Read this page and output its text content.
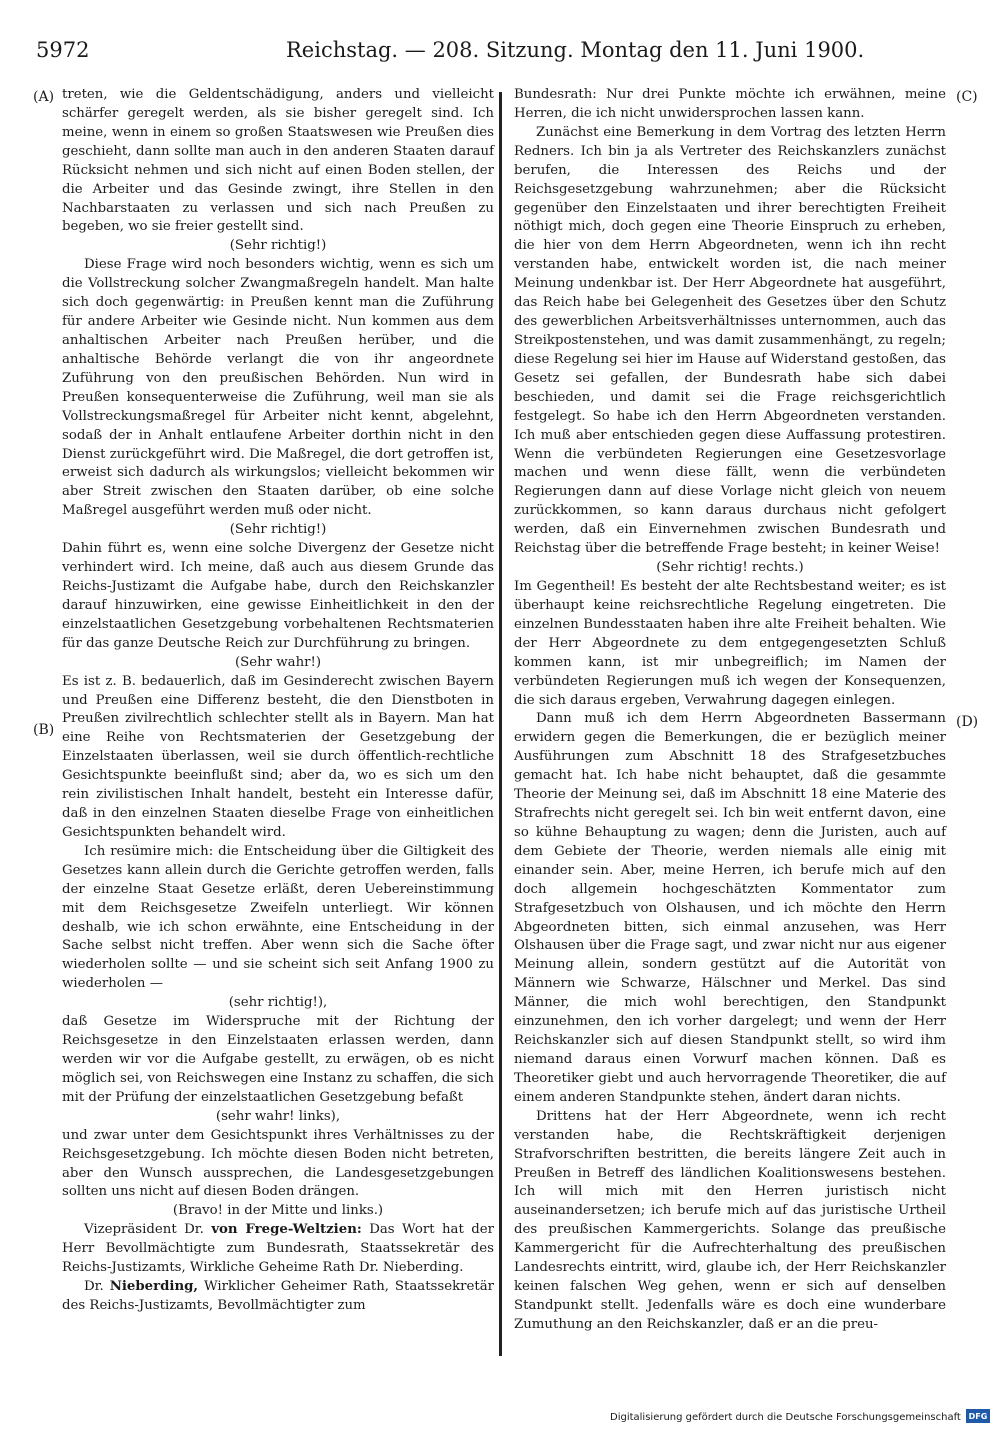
5972	Reichstag. — 208. Sitzung. Montag den 11. Juni 1900.
(A)
(B)
(C)
(D)

treten, wie die Geldentschädigung, anders und vielleicht schärfer geregelt werden, als sie bisher geregelt sind. Ich meine, wenn in einem so großen Staatswesen wie Preußen dies geschieht, dann sollte man auch in den anderen Staaten darauf Rücksicht nehmen und sich nicht auf einen Boden stellen, der die Arbeiter und das Gesinde zwingt, ihre Stellen in den Nachbarstaaten zu verlassen und sich nach Preußen zu begeben, wo sie freier gestellt sind.

(Sehr richtig!)

Diese Frage wird noch besonders wichtig, wenn es sich um die Vollstreckung solcher Zwangmaßregeln handelt. Man halte sich doch gegenwärtig: in Preußen kennt man die Zuführung für andere Arbeiter wie Gesinde nicht. Nun kommen aus dem anhaltischen Arbeiter nach Preußen herüber, und die anhaltische Behörde verlangt die von ihr angeordnete Zuführung von den preußischen Behörden. Nun wird in Preußen konsequenterweise die Zuführung, weil man sie als Vollstreckungsmaßregel für Arbeiter nicht kennt, abgelehnt, sodaß der in Anhalt entlaufene Arbeiter dorthin nicht in den Dienst zurückgeführt wird. Die Maßregel, die dort getroffen ist, erweist sich dadurch als wirkungslos; vielleicht bekommen wir aber Streit zwischen den Staaten darüber, ob eine solche Maßregel ausgeführt werden muß oder nicht.

(Sehr richtig!)

Dahin führt es, wenn eine solche Divergenz der Gesetze nicht verhindert wird. Ich meine, daß auch aus diesem Grunde das Reichs-Justizamt die Aufgabe habe, durch den Reichskanzler darauf hinzuwirken, eine gewisse Einheitlichkeit in den der einzelstaatlichen Gesetzgebung vorbehaltenen Rechtsmaterien für das ganze Deutsche Reich zur Durchführung zu bringen.

(Sehr wahr!)

Es ist z. B. bedauerlich, daß im Gesinderecht zwischen Bayern und Preußen eine Differenz besteht, die den Dienstboten in Preußen zivilrechtlich schlechter stellt als in Bayern. Man hat eine Reihe von Rechtsmaterien der Gesetzgebung der Einzelstaaten überlassen, weil sie durch öffentlich-rechtliche Gesichtspunkte beeinflußt sind; aber da, wo es sich um den rein zivilistischen Inhalt handelt, besteht ein Interesse dafür, daß in den einzelnen Staaten dieselbe Frage von einheitlichen Gesichtspunkten behandelt wird.

Ich resümire mich: die Entscheidung über die Giltigkeit des Gesetzes kann allein durch die Gerichte getroffen werden, falls der einzelne Staat Gesetze erläßt, deren Uebereinstimmung mit dem Reichsgesetze Zweifeln unterliegt. Wir können deshalb, wie ich schon erwähnte, eine Entscheidung in der Sache selbst nicht treffen. Aber wenn sich die Sache öfter wiederholen sollte — und sie scheint sich seit Anfang 1900 zu wiederholen —

(sehr richtig!),

daß Gesetze im Widerspruche mit der Richtung der Reichsgesetze in den Einzelstaaten erlassen werden, dann werden wir vor die Aufgabe gestellt, zu erwägen, ob es nicht möglich sei, von Reichswegen eine Instanz zu schaffen, die sich mit der Prüfung der einzelstaatlichen Gesetzgebung befaßt

(sehr wahr! links),

und zwar unter dem Gesichtspunkt ihres Verhältnisses zu der Reichsgesetzgebung. Ich möchte diesen Boden nicht betreten, aber den Wunsch aussprechen, die Landesgesetzgebungen sollten uns nicht auf diesen Boden drängen.

(Bravo! in der Mitte und links.)

Vizepräsident Dr. von Frege-Weltzien: Das Wort hat der Herr Bevollmächtigte zum Bundesrath, Staatssekretär des Reichs-Justizamts, Wirkliche Geheime Rath Dr. Nieberding.

Dr. Nieberding, Wirklicher Geheimer Rath, Staatssekretär des Reichs-Justizamts, Bevollmächtigter zum

Bundesrath: Nur drei Punkte möchte ich erwähnen, meine Herren, die ich nicht unwidersprochen lassen kann.

Zunächst eine Bemerkung in dem Vortrag des letzten Herrn Redners. Ich bin ja als Vertreter des Reichskanzlers zunächst berufen, die Interessen des Reichs und der Reichsgesetzgebung wahrzunehmen; aber die Rücksicht gegenüber den Einzelstaaten und ihrer berechtigten Freiheit nöthigt mich, doch gegen eine Theorie Einspruch zu erheben, die hier von dem Herrn Abgeordneten, wenn ich ihn recht verstanden habe, entwickelt worden ist, die nach meiner Meinung undenkbar ist. Der Herr Abgeordnete hat ausgeführt, das Reich habe bei Gelegenheit des Gesetzes über den Schutz des gewerblichen Arbeitsverhältnisses unternommen, auch das Streikpostenstehen, und was damit zusammenhängt, zu regeln; diese Regelung sei hier im Hause auf Widerstand gestoßen, das Gesetz sei gefallen, der Bundesrath habe sich dabei beschieden, und damit sei die Frage reichsgerichtlich festgelegt. So habe ich den Herrn Abgeordneten verstanden. Ich muß aber entschieden gegen diese Auffassung protestiren. Wenn die verbündeten Regierungen eine Gesetzesvorlage machen und wenn diese fällt, wenn die verbündeten Regierungen dann auf diese Vorlage nicht gleich von neuem zurückkommen, so kann daraus durchaus nicht gefolgert werden, daß ein Einvernehmen zwischen Bundesrath und Reichstag über die betreffende Frage besteht; in keiner Weise!

(Sehr richtig! rechts.)

Im Gegentheil! Es besteht der alte Rechtsbestand weiter; es ist überhaupt keine reichsrechtliche Regelung eingetreten. Die einzelnen Bundesstaaten haben ihre alte Freiheit behalten. Wie der Herr Abgeordnete zu dem entgegengesetzten Schluß kommen kann, ist mir unbegreiflich; im Namen der verbündeten Regierungen muß ich wegen der Konsequenzen, die sich daraus ergeben, Verwahrung dagegen einlegen.

Dann muß ich dem Herrn Abgeordneten Bassermann erwidern gegen die Bemerkungen, die er bezüglich meiner Ausführungen zum Abschnitt 18 des Strafgesetzbuches gemacht hat. Ich habe nicht behauptet, daß die gesammte Theorie der Meinung sei, daß im Abschnitt 18 eine Materie des Strafrechts nicht geregelt sei. Ich bin weit entfernt davon, eine so kühne Behauptung zu wagen; denn die Juristen, auch auf dem Gebiete der Theorie, werden niemals alle einig mit einander sein. Aber, meine Herren, ich berufe mich auf den doch allgemein hochgeschätzten Kommentator zum Strafgesetzbuch von Olshausen, und ich möchte den Herrn Abgeordneten bitten, sich einmal anzusehen, was Herr Olshausen über die Frage sagt, und zwar nicht nur aus eigener Meinung allein, sondern gestützt auf die Autorität von Männern wie Schwarze, Hälschner und Merkel. Das sind Männer, die mich wohl berechtigen, den Standpunkt einzunehmen, den ich vorher dargelegt; und wenn der Herr Reichskanzler sich auf diesen Standpunkt stellt, so wird ihm niemand daraus einen Vorwurf machen können. Daß es Theoretiker giebt und auch hervorragende Theoretiker, die auf einem anderen Standpunkte stehen, ändert daran nichts.

Drittens hat der Herr Abgeordnete, wenn ich recht verstanden habe, die Rechtskräftigkeit derjenigen Strafvorschriften bestritten, die bereits längere Zeit auch in Preußen in Betreff des ländlichen Koalitionswesens bestehen. Ich will mich mit den Herren juristisch nicht auseinandersetzen; ich berufe mich auf das juristische Urtheil des preußischen Kammergerichts. Solange das preußische Kammergericht für die Aufrechterhaltung des preußischen Landesrechts eintritt, wird, glaube ich, der Herr Reichskanzler keinen falschen Weg gehen, wenn er sich auf denselben Standpunkt stellt. Jedenfalls wäre es doch eine wunderbare Zumuthung an den Reichskanzler, daß er an die preu-

Digitalisierung gefördert durch die Deutsche Forschungsgemeinschaft DFG
